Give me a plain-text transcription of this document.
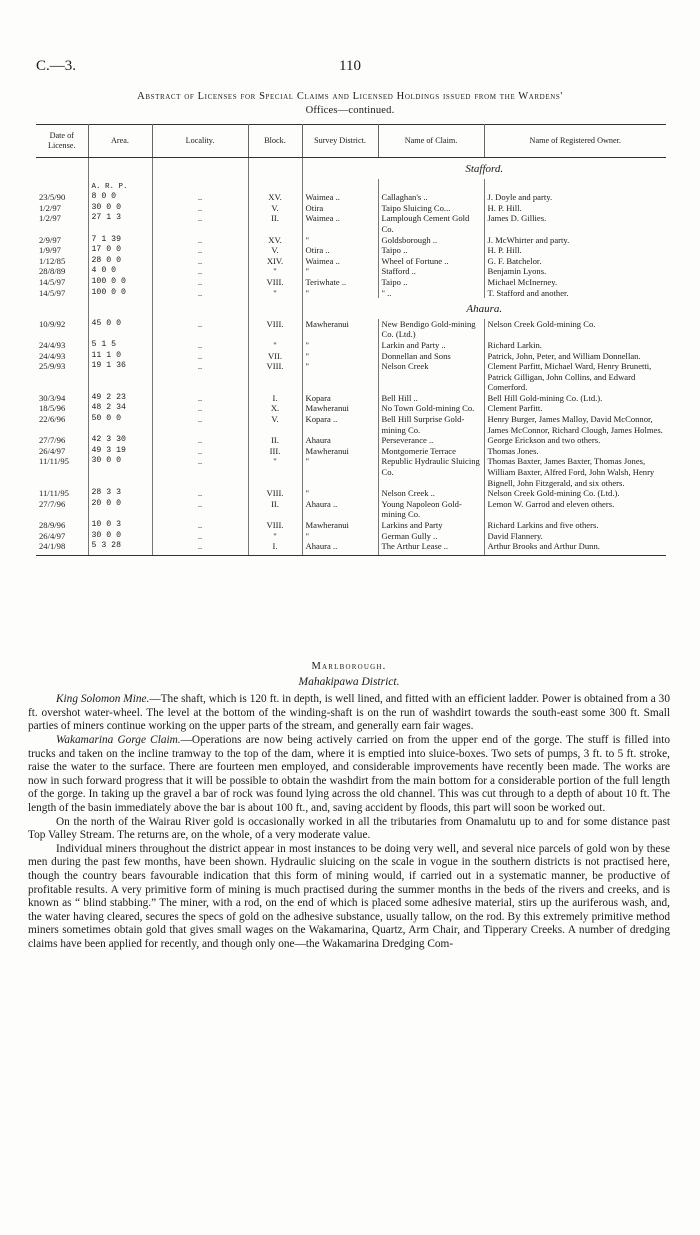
C.—3.	110
Abstract of Licenses for Special Claims and Licensed Holdings issued from the Wardens'
Offices—continued.
Date of License.	Area.	Locality.	Block.	Survey District.	Name of Claim.	Name of Registered Owner.
				Stafford.		
	A. R. P.					
23/5/90	8 0 0	..	XV.	Waimea ..	Callaghan's ..	J. Doyle and party.
1/2/97	30 0 0	..	V.	Otira	Taipo Sluicing Co...	H. P. Hill.
1/2/97	27 1 3	..	II.	Waimea ..	Lamplough Cement Gold Co.	James D. Gillies.
2/9/97	7 1 39	..	XV.	"	Goldsborough ..	J. McWhirter and party.
1/9/97	17 0 0	..	V.	Otira ..	Taipo ..	H. P. Hill.
1/12/85	28 0 0	..	XIV.	Waimea ..	Wheel of Fortune ..	G. F. Batchelor.
28/8/89	4 0 0	..	"	"	Stafford ..	Benjamin Lyons.
14/5/97	100 0 0	..	VIII.	Teriwhate ..	Taipo ..	Michael McInerney.
14/5/97	100 0 0	..	"	"	" ..	T. Stafford and another.
				Ahaura.		
10/9/92	45 0 0	..	VIII.	Mawheranui	New Bendigo Gold-mining Co. (Ltd.)	Nelson Creek Gold-mining Co.
24/4/93	5 1 5	..	"	"	Larkin and Party ..	Richard Larkin.
24/4/93	11 1 0	..	VII.	"	Donnellan and Sons	Patrick, John, Peter, and William Donnellan.
25/9/93	19 1 36	..	VIII.	"	Nelson Creek	Clement Parfitt, Michael Ward, Henry Brunetti, Patrick Gilligan, John Collins, and Edward Comerford.
30/3/94	49 2 23	..	I.	Kopara	Bell Hill ..	Bell Hill Gold-mining Co. (Ltd.).
18/5/96	48 2 34	..	X.	Mawheranui	No Town Gold-mining Co.	Clement Parfitt.
22/6/96	50 0 0	..	V.	Kopara ..	Bell Hill Surprise Gold-mining Co.	Henry Burger, James Malloy, David McConnor, James McConnor, Richard Clough, James Holmes.
27/7/96	42 3 30	..	II.	Ahaura	Perseverance ..	George Erickson and two others.
26/4/97	49 3 19	..	III.	Mawheranui	Montgomerie Terrace	Thomas Jones.
11/11/95	30 0 0	..	"	"	Republic Hydraulic Sluicing Co.	Thomas Baxter, James Baxter, Thomas Jones, William Baxter, Alfred Ford, John Walsh, Henry Bignell, John Fitzgerald, and six others.
11/11/95	28 3 3	..	VIII.	"	Nelson Creek ..	Nelson Creek Gold-mining Co. (Ltd.).
27/7/96	20 0 0	..	II.	Ahaura ..	Young Napoleon Gold-mining Co.	Lemon W. Garrod and eleven others.
28/9/96	10 0 3	..	VIII.	Mawheranui	Larkins and Party	Richard Larkins and five others.
26/4/97	30 0 0	..	"	"	German Gully ..	David Flannery.
24/1/98	5 3 28	..	I.	Ahaura ..	The Arthur Lease ..	Arthur Brooks and Arthur Dunn.
Marlborough.
Mahakipawa District.

King Solomon Mine.—The shaft, which is 120 ft. in depth, is well lined, and fitted with an efficient ladder. Power is obtained from a 30 ft. overshot water-wheel. The level at the bottom of the winding-shaft is on the run of washdirt towards the south-east some 300 ft. Small parties of miners continue working on the upper parts of the stream, and generally earn fair wages.

Wakamarina Gorge Claim.—Operations are now being actively carried on from the upper end of the gorge. The stuff is filled into trucks and taken on the incline tramway to the top of the dam, where it is emptied into sluice-boxes. Two sets of pumps, 3 ft. to 5 ft. stroke, raise the water to the surface. There are fourteen men employed, and considerable improvements have recently been made. The works are now in such forward progress that it will be possible to obtain the washdirt from the main bottom for a considerable portion of the full length of the gorge. In taking up the gravel a bar of rock was found lying across the old channel. This was cut through to a depth of about 10 ft. The length of the basin immediately above the bar is about 100 ft., and, saving accident by floods, this part will soon be worked out.

On the north of the Wairau River gold is occasionally worked in all the tributaries from Onamalutu up to and for some distance past Top Valley Stream. The returns are, on the whole, of a very moderate value.

Individual miners throughout the district appear in most instances to be doing very well, and several nice parcels of gold won by these men during the past few months, have been shown. Hydraulic sluicing on the scale in vogue in the southern districts is not practised here, though the country bears favourable indication that this form of mining would, if carried out in a systematic manner, be productive of profitable results. A very primitive form of mining is much practised during the summer months in the beds of the rivers and creeks, and is known as “ blind stabbing.” The miner, with a rod, on the end of which is placed some adhesive material, stirs up the auriferous wash, and, the water having cleared, secures the specs of gold on the adhesive substance, usually tallow, on the rod. By this extremely primitive method miners sometimes obtain gold that gives small wages on the Wakamarina, Quartz, Arm Chair, and Tipperary Creeks. A number of dredging claims have been applied for recently, and though only one—the Wakamarina Dredging Com-
